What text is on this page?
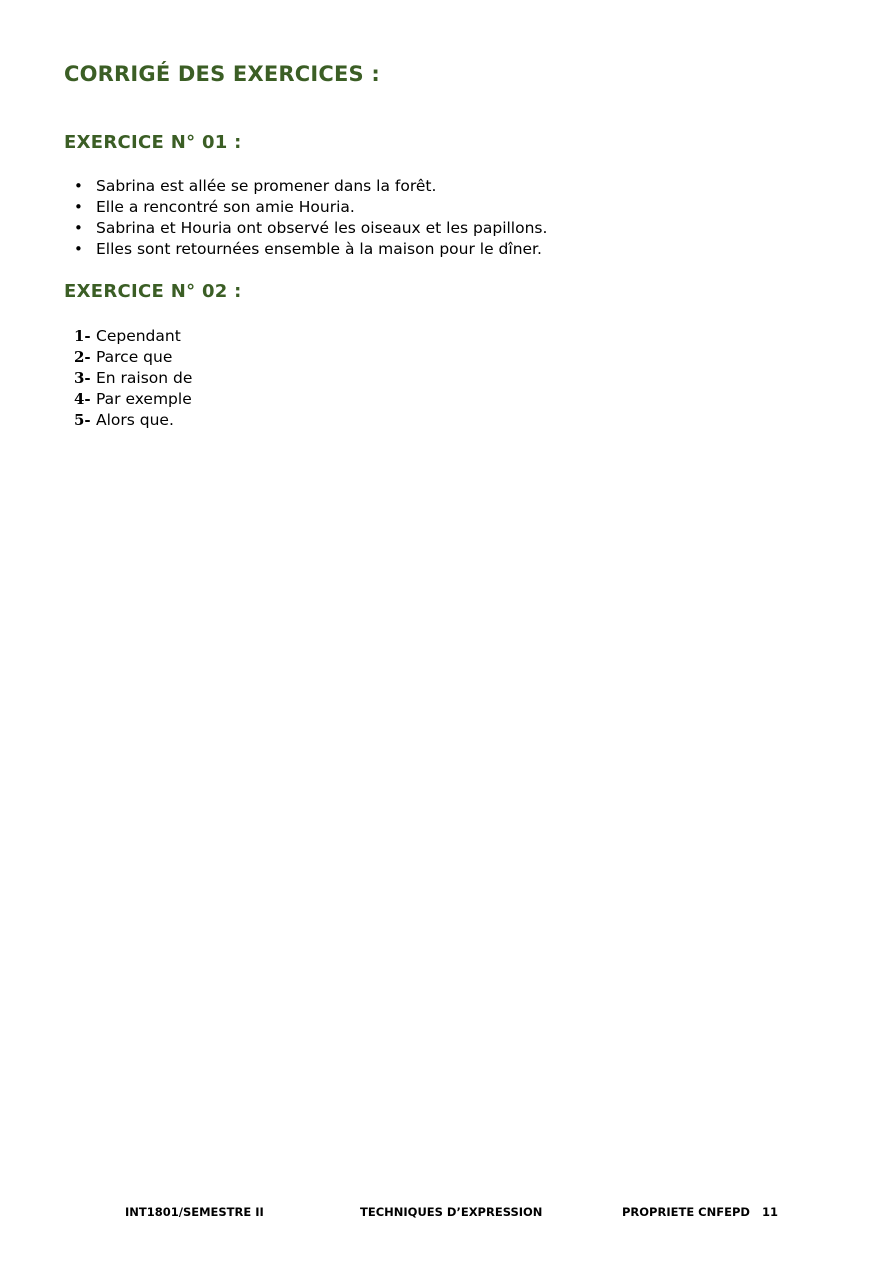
CORRIGÉ DES EXERCICES :
EXERCICE N° 01 :
• Sabrina est allée se promener dans la forêt.
• Elle a rencontré son amie Houria.
• Sabrina et Houria ont observé les oiseaux et les papillons.
• Elles sont retournées ensemble à la maison pour le dîner.
EXERCICE N° 02 :
1- Cependant
2- Parce que
3- En raison de
4- Par exemple
5- Alors que.
INT1801/SEMESTRE II	TECHNIQUES D’EXPRESSION	PROPRIETE CNFEPD 11
